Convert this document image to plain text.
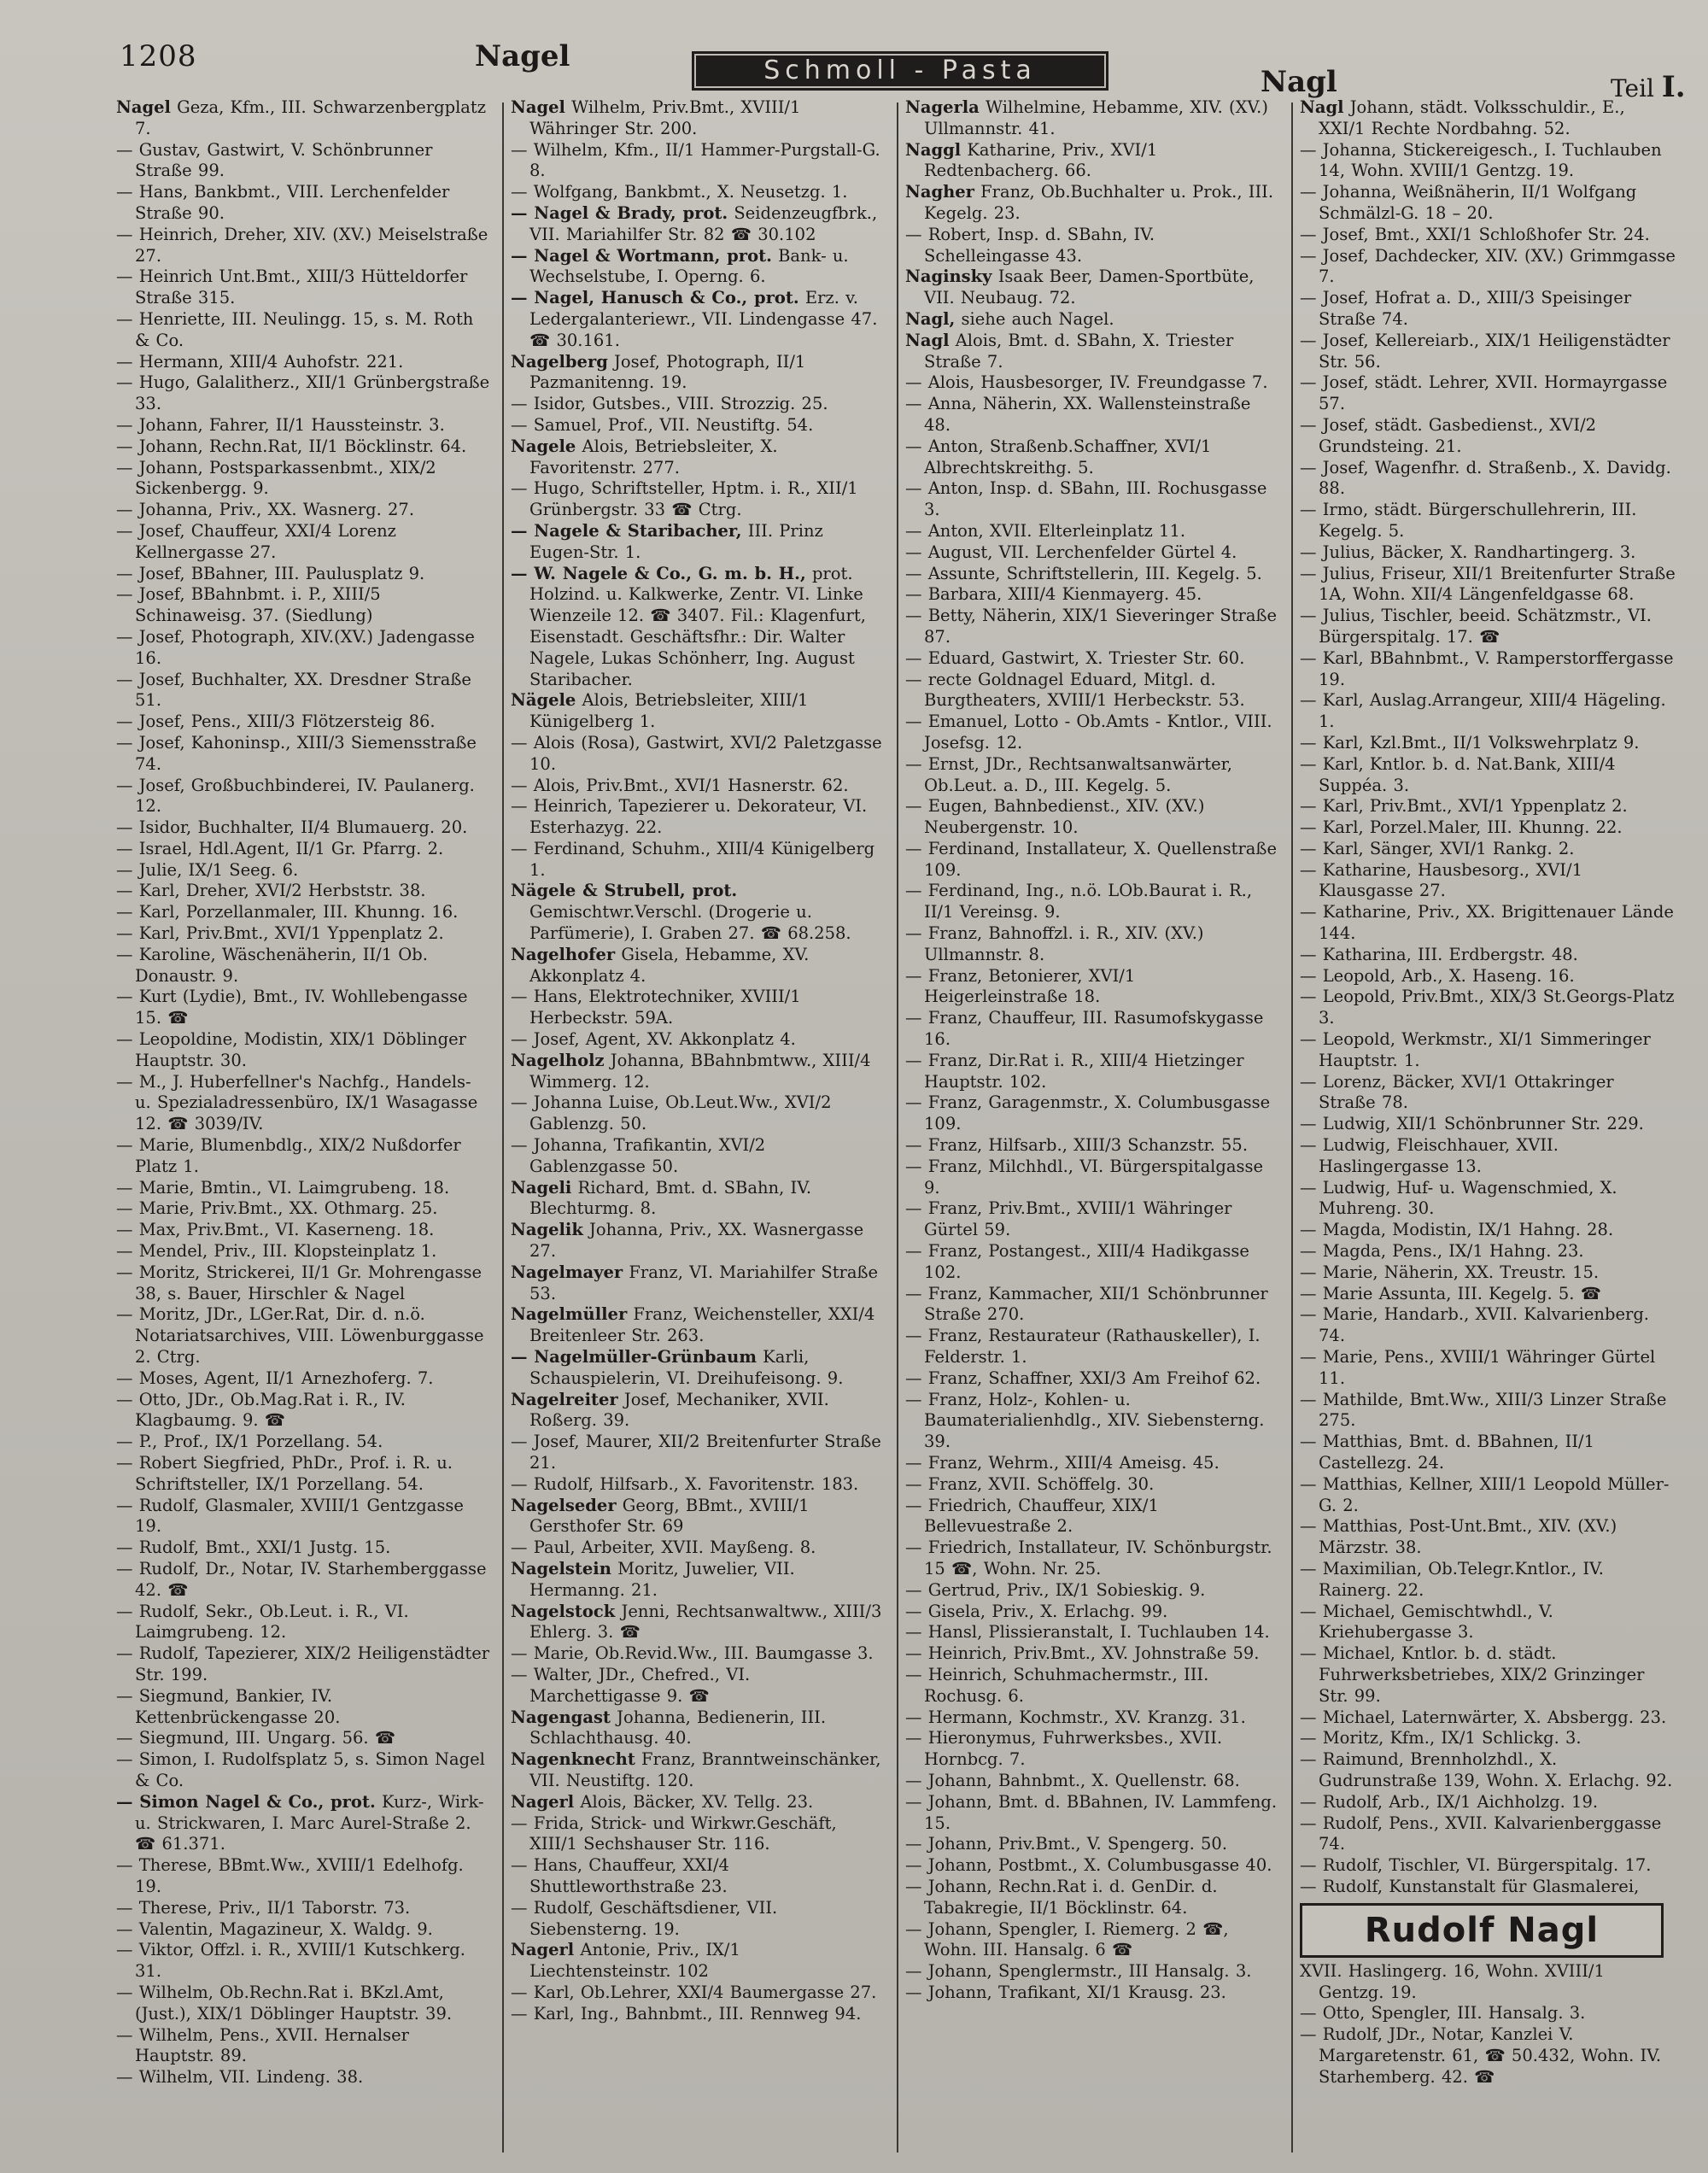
1208	Nagel	Schmoll - Pasta	Nagl	Teil I.
Nagel Geza, Kfm., III. Schwarzenbergplatz 7.
— Gustav, Gastwirt, V. Schönbrunner Straße 99.
— Hans, Bankbmt., VIII. Lerchenfelder Straße 90.
— Heinrich, Dreher, XIV. (XV.) Meiselstraße 27.
— Heinrich Unt.Bmt., XIII/3 Hütteldorfer Straße 315.
— Henriette, III. Neulingg. 15, s. M. Roth & Co.
— Hermann, XIII/4 Auhofstr. 221.
— Hugo, Galalitherz., XII/1 Grünbergstraße 33.
— Johann, Fahrer, II/1 Haussteinstr. 3.
— Johann, Rechn.Rat, II/1 Böcklinstr. 64.
— Johann, Postsparkassenbmt., XIX/2 Sickenbergg. 9.
— Johanna, Priv., XX. Wasnerg. 27.
— Josef, Chauffeur, XXI/4 Lorenz Kellnergasse 27.
— Josef, BBahner, III. Paulusplatz 9.
— Josef, BBahnbmt. i. P., XIII/5 Schinaweisg. 37. (Siedlung)
— Josef, Photograph, XIV.(XV.) Jadengasse 16.
— Josef, Buchhalter, XX. Dresdner Straße 51.
— Josef, Pens., XIII/3 Flötzersteig 86.
— Josef, Kahoninsp., XIII/3 Siemensstraße 74.
— Josef, Großbuchbinderei, IV. Paulanerg. 12.
— Isidor, Buchhalter, II/4 Blumauerg. 20.
— Israel, Hdl.Agent, II/1 Gr. Pfarrg. 2.
— Julie, IX/1 Seeg. 6.
— Karl, Dreher, XVI/2 Herbststr. 38.
— Karl, Porzellanmaler, III. Khunng. 16.
— Karl, Priv.Bmt., XVI/1 Yppenplatz 2.
— Karoline, Wäschenäherin, II/1 Ob. Donaustr. 9.
— Kurt (Lydie), Bmt., IV. Wohllebengasse 15. ☎
— Leopoldine, Modistin, XIX/1 Döblinger Hauptstr. 30.
— M., J. Huberfellner's Nachfg., Handels- u. Spezialadressenbüro, IX/1 Wasagasse 12. ☎ 3039/IV.
— Marie, Blumenbdlg., XIX/2 Nußdorfer Platz 1.
— Marie, Bmtin., VI. Laimgrubeng. 18.
— Marie, Priv.Bmt., XX. Othmarg. 25.
— Max, Priv.Bmt., VI. Kaserneng. 18.
— Mendel, Priv., III. Klopsteinplatz 1.
— Moritz, Strickerei, II/1 Gr. Mohrengasse 38, s. Bauer, Hirschler & Nagel
— Moritz, JDr., LGer.Rat, Dir. d. n.ö. Notariatsarchives, VIII. Löwenburggasse 2. Ctrg.
— Moses, Agent, II/1 Arnezhoferg. 7.
— Otto, JDr., Ob.Mag.Rat i. R., IV. Klagbaumg. 9. ☎
— P., Prof., IX/1 Porzellang. 54.
— Robert Siegfried, PhDr., Prof. i. R. u. Schriftsteller, IX/1 Porzellang. 54.
— Rudolf, Glasmaler, XVIII/1 Gentzgasse 19.
— Rudolf, Bmt., XXI/1 Justg. 15.
— Rudolf, Dr., Notar, IV. Starhemberggasse 42. ☎
— Rudolf, Sekr., Ob.Leut. i. R., VI. Laimgrubeng. 12.
— Rudolf, Tapezierer, XIX/2 Heiligenstädter Str. 199.
— Siegmund, Bankier, IV. Kettenbrückengasse 20.
— Siegmund, III. Ungarg. 56. ☎
— Simon, I. Rudolfsplatz 5, s. Simon Nagel & Co.
— Simon Nagel & Co., prot. Kurz-, Wirk- u. Strickwaren, I. Marc Aurel-Straße 2. ☎ 61.371.
— Therese, BBmt.Ww., XVIII/1 Edelhofg. 19.
— Therese, Priv., II/1 Taborstr. 73.
— Valentin, Magazineur, X. Waldg. 9.
— Viktor, Offzl. i. R., XVIII/1 Kutschkerg. 31.
— Wilhelm, Ob.Rechn.Rat i. BKzl.Amt, (Just.), XIX/1 Döblinger Hauptstr. 39.
— Wilhelm, Pens., XVII. Hernalser Hauptstr. 89.
— Wilhelm, VII. Lindeng. 38.
Nagel Wilhelm, Priv.Bmt., XVIII/1 Währinger Str. 200.
— Wilhelm, Kfm., II/1 Hammer-Purgstall-G. 8.
— Wolfgang, Bankbmt., X. Neusetzg. 1.
— Nagel & Brady, prot. Seidenzeugfbrk., VII. Mariahilfer Str. 82 ☎ 30.102
— Nagel & Wortmann, prot. Bank- u. Wechselstube, I. Operng. 6.
— Nagel, Hanusch & Co., prot. Erz. v. Ledergalanteriewr., VII. Lindengasse 47. ☎ 30.161.
Nagelberg Josef, Photograph, II/1 Pazmanitenng. 19.
— Isidor, Gutsbes., VIII. Strozzig. 25.
— Samuel, Prof., VII. Neustiftg. 54.
Nagele Alois, Betriebsleiter, X. Favoritenstr. 277.
— Hugo, Schriftsteller, Hptm. i. R., XII/1 Grünbergstr. 33 ☎ Ctrg.
— Nagele & Staribacher, III. Prinz Eugen-Str. 1.
— W. Nagele & Co., G. m. b. H., prot. Holzind. u. Kalkwerke, Zentr. VI. Linke Wienzeile 12. ☎ 3407. Fil.: Klagenfurt, Eisenstadt. Geschäftsfhr.: Dir. Walter Nagele, Lukas Schönherr, Ing. August Staribacher.
Nägele Alois, Betriebsleiter, XIII/1 Künigelberg 1.
— Alois (Rosa), Gastwirt, XVI/2 Paletzgasse 10.
— Alois, Priv.Bmt., XVI/1 Hasnerstr. 62.
— Heinrich, Tapezierer u. Dekorateur, VI. Esterhazyg. 22.
— Ferdinand, Schuhm., XIII/4 Künigelberg 1.
Nägele & Strubell, prot. Gemischtwr.Verschl. (Drogerie u. Parfümerie), I. Graben 27. ☎ 68.258.
Nagelhofer Gisela, Hebamme, XV. Akkonplatz 4.
— Hans, Elektrotechniker, XVIII/1 Herbeckstr. 59A.
— Josef, Agent, XV. Akkonplatz 4.
Nagelholz Johanna, BBahnbmtww., XIII/4 Wimmerg. 12.
— Johanna Luise, Ob.Leut.Ww., XVI/2 Gablenzg. 50.
— Johanna, Trafikantin, XVI/2 Gablenzgasse 50.
Nageli Richard, Bmt. d. SBahn, IV. Blechturmg. 8.
Nagelik Johanna, Priv., XX. Wasnergasse 27.
Nagelmayer Franz, VI. Mariahilfer Straße 53.
Nagelmüller Franz, Weichensteller, XXI/4 Breitenleer Str. 263.
— Nagelmüller-Grünbaum Karli, Schauspielerin, VI. Dreihufeisong. 9.
Nagelreiter Josef, Mechaniker, XVII. Roßerg. 39.
— Josef, Maurer, XII/2 Breitenfurter Straße 21.
— Rudolf, Hilfsarb., X. Favoritenstr. 183.
Nagelseder Georg, BBmt., XVIII/1 Gersthofer Str. 69
— Paul, Arbeiter, XVII. Mayßeng. 8.
Nagelstein Moritz, Juwelier, VII. Hermanng. 21.
Nagelstock Jenni, Rechtsanwaltww., XIII/3 Ehlerg. 3. ☎
— Marie, Ob.Revid.Ww., III. Baumgasse 3.
— Walter, JDr., Chefred., VI. Marchettigasse 9. ☎
Nagengast Johanna, Bedienerin, III. Schlachthausg. 40.
Nagenknecht Franz, Branntweinschänker, VII. Neustiftg. 120.
Nagerl Alois, Bäcker, XV. Tellg. 23.
— Frida, Strick- und Wirkwr.Geschäft, XIII/1 Sechshauser Str. 116.
— Hans, Chauffeur, XXI/4 Shuttleworthstraße 23.
— Rudolf, Geschäftsdiener, VII. Siebensterng. 19.
Nagerl Antonie, Priv., IX/1 Liechtensteinstr. 102
— Karl, Ob.Lehrer, XXI/4 Baumergasse 27.
— Karl, Ing., Bahnbmt., III. Rennweg 94.
Nagerla Wilhelmine, Hebamme, XIV. (XV.) Ullmannstr. 41.
Naggl Katharine, Priv., XVI/1 Redtenbacherg. 66.
Nagher Franz, Ob.Buchhalter u. Prok., III. Kegelg. 23.
— Robert, Insp. d. SBahn, IV. Schelleingasse 43.
Naginsky Isaak Beer, Damen-Sportbüte, VII. Neubaug. 72.
Nagl, siehe auch Nagel.
Nagl Alois, Bmt. d. SBahn, X. Triester Straße 7.
— Alois, Hausbesorger, IV. Freundgasse 7.
— Anna, Näherin, XX. Wallensteinstraße 48.
— Anton, Straßenb.Schaffner, XVI/1 Albrechtskreithg. 5.
— Anton, Insp. d. SBahn, III. Rochusgasse 3.
— Anton, XVII. Elterleinplatz 11.
— August, VII. Lerchenfelder Gürtel 4.
— Assunte, Schriftstellerin, III. Kegelg. 5.
— Barbara, XIII/4 Kienmayerg. 45.
— Betty, Näherin, XIX/1 Sieveringer Straße 87.
— Eduard, Gastwirt, X. Triester Str. 60.
— recte Goldnagel Eduard, Mitgl. d. Burgtheaters, XVIII/1 Herbeckstr. 53.
— Emanuel, Lotto - Ob.Amts - Kntlor., VIII. Josefsg. 12.
— Ernst, JDr., Rechtsanwaltsanwärter, Ob.Leut. a. D., III. Kegelg. 5.
— Eugen, Bahnbedienst., XIV. (XV.) Neubergenstr. 10.
— Ferdinand, Installateur, X. Quellenstraße 109.
— Ferdinand, Ing., n.ö. LOb.Baurat i. R., II/1 Vereinsg. 9.
— Franz, Bahnoffzl. i. R., XIV. (XV.) Ullmannstr. 8.
— Franz, Betonierer, XVI/1 Heigerleinstraße 18.
— Franz, Chauffeur, III. Rasumofskygasse 16.
— Franz, Dir.Rat i. R., XIII/4 Hietzinger Hauptstr. 102.
— Franz, Garagenmstr., X. Columbusgasse 109.
— Franz, Hilfsarb., XIII/3 Schanzstr. 55.
— Franz, Milchhdl., VI. Bürgerspitalgasse 9.
— Franz, Priv.Bmt., XVIII/1 Währinger Gürtel 59.
— Franz, Postangest., XIII/4 Hadikgasse 102.
— Franz, Kammacher, XII/1 Schönbrunner Straße 270.
— Franz, Restaurateur (Rathauskeller), I. Felderstr. 1.
— Franz, Schaffner, XXI/3 Am Freihof 62.
— Franz, Holz-, Kohlen- u. Baumaterialienhdlg., XIV. Siebensterng. 39.
— Franz, Wehrm., XIII/4 Ameisg. 45.
— Franz, XVII. Schöffelg. 30.
— Friedrich, Chauffeur, XIX/1 Bellevuestraße 2.
— Friedrich, Installateur, IV. Schönburgstr. 15 ☎, Wohn. Nr. 25.
— Gertrud, Priv., IX/1 Sobieskig. 9.
— Gisela, Priv., X. Erlachg. 99.
— Hansl, Plissieranstalt, I. Tuchlauben 14.
— Heinrich, Priv.Bmt., XV. Johnstraße 59.
— Heinrich, Schuhmachermstr., III. Rochusg. 6.
— Hermann, Kochmstr., XV. Kranzg. 31.
— Hieronymus, Fuhrwerksbes., XVII. Hornbcg. 7.
— Johann, Bahnbmt., X. Quellenstr. 68.
— Johann, Bmt. d. BBahnen, IV. Lammfeng. 15.
— Johann, Priv.Bmt., V. Spengerg. 50.
— Johann, Postbmt., X. Columbusgasse 40.
— Johann, Rechn.Rat i. d. GenDir. d. Tabakregie, II/1 Böcklinstr. 64.
— Johann, Spengler, I. Riemerg. 2 ☎, Wohn. III. Hansalg. 6 ☎
— Johann, Spenglermstr., III Hansalg. 3.
— Johann, Trafikant, XI/1 Krausg. 23.
Nagl Johann, städt. Volksschuldir., E., XXI/1 Rechte Nordbahng. 52.
— Johanna, Stickereigesch., I. Tuchlauben 14, Wohn. XVIII/1 Gentzg. 19.
— Johanna, Weißnäherin, II/1 Wolfgang Schmälzl-G. 18 – 20.
— Josef, Bmt., XXI/1 Schloßhofer Str. 24.
— Josef, Dachdecker, XIV. (XV.) Grimmgasse 7.
— Josef, Hofrat a. D., XIII/3 Speisinger Straße 74.
— Josef, Kellereiarb., XIX/1 Heiligenstädter Str. 56.
— Josef, städt. Lehrer, XVII. Hormayrgasse 57.
— Josef, städt. Gasbedienst., XVI/2 Grundsteing. 21.
— Josef, Wagenfhr. d. Straßenb., X. Davidg. 88.
— Irmo, städt. Bürgerschullehrerin, III. Kegelg. 5.
— Julius, Bäcker, X. Randhartingerg. 3.
— Julius, Friseur, XII/1 Breitenfurter Straße 1A, Wohn. XII/4 Längenfeldgasse 68.
— Julius, Tischler, beeid. Schätzmstr., VI. Bürgerspitalg. 17. ☎
— Karl, BBahnbmt., V. Ramperstorffergasse 19.
— Karl, Auslag.Arrangeur, XIII/4 Hägeling. 1.
— Karl, Kzl.Bmt., II/1 Volkswehrplatz 9.
— Karl, Kntlor. b. d. Nat.Bank, XIII/4 Suppéa. 3.
— Karl, Priv.Bmt., XVI/1 Yppenplatz 2.
— Karl, Porzel.Maler, III. Khunng. 22.
— Karl, Sänger, XVI/1 Rankg. 2.
— Katharine, Hausbesorg., XVI/1 Klausgasse 27.
— Katharine, Priv., XX. Brigittenauer Lände 144.
— Katharina, III. Erdbergstr. 48.
— Leopold, Arb., X. Haseng. 16.
— Leopold, Priv.Bmt., XIX/3 St.Georgs-Platz 3.
— Leopold, Werkmstr., XI/1 Simmeringer Hauptstr. 1.
— Lorenz, Bäcker, XVI/1 Ottakringer Straße 78.
— Ludwig, XII/1 Schönbrunner Str. 229.
— Ludwig, Fleischhauer, XVII. Haslingergasse 13.
— Ludwig, Huf- u. Wagenschmied, X. Muhreng. 30.
— Magda, Modistin, IX/1 Hahng. 28.
— Magda, Pens., IX/1 Hahng. 23.
— Marie, Näherin, XX. Treustr. 15.
— Marie Assunta, III. Kegelg. 5. ☎
— Marie, Handarb., XVII. Kalvarienberg. 74.
— Marie, Pens., XVIII/1 Währinger Gürtel 11.
— Mathilde, Bmt.Ww., XIII/3 Linzer Straße 275.
— Matthias, Bmt. d. BBahnen, II/1 Castellezg. 24.
— Matthias, Kellner, XIII/1 Leopold Müller-G. 2.
— Matthias, Post-Unt.Bmt., XIV. (XV.) Märzstr. 38.
— Maximilian, Ob.Telegr.Kntlor., IV. Rainerg. 22.
— Michael, Gemischtwhdl., V. Kriehubergasse 3.
— Michael, Kntlor. b. d. städt. Fuhrwerksbetriebes, XIX/2 Grinzinger Str. 99.
— Michael, Laternwärter, X. Absbergg. 23.
— Moritz, Kfm., IX/1 Schlickg. 3.
— Raimund, Brennholzhdl., X. Gudrunstraße 139, Wohn. X. Erlachg. 92.
— Rudolf, Arb., IX/1 Aichholzg. 19.
— Rudolf, Pens., XVII. Kalvarienberggasse 74.
— Rudolf, Tischler, VI. Bürgerspitalg. 17.
— Rudolf, Kunstanstalt für Glasmalerei,
Rudolf Nagl
XVII. Haslingerg. 16, Wohn. XVIII/1 Gentzg. 19.
— Otto, Spengler, III. Hansalg. 3.
— Rudolf, JDr., Notar, Kanzlei V. Margaretenstr. 61, ☎ 50.432, Wohn. IV. Starhemberg. 42. ☎
